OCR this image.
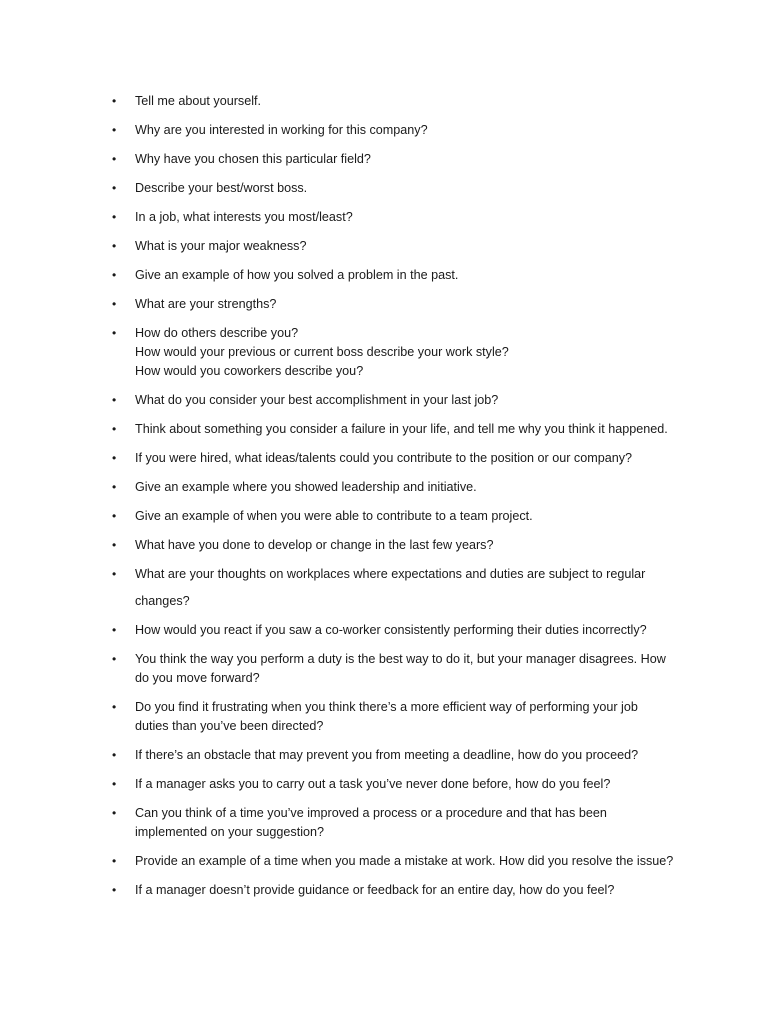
•	Tell me about yourself.
•	Why are you interested in working for this company?
•	Why have you chosen this particular field?
•	Describe your best/worst boss.
•	In a job, what interests you most/least?
•	What is your major weakness?
•	Give an example of how you solved a problem in the past.
•	What are your strengths?
•	How do others describe you?
How would your previous or current boss describe your work style?
How would you coworkers describe you?
•	What do you consider your best accomplishment in your last job?
•	Think about something you consider a failure in your life, and tell me why you think it happened.
•	If you were hired, what ideas/talents could you contribute to the position or our company?
•	Give an example where you showed leadership and initiative.
•	Give an example of when you were able to contribute to a team project.
•	What have you done to develop or change in the last few years?
•	What are your thoughts on workplaces where expectations and duties are subject to regular
changes?
•	How would you react if you saw a co-worker consistently performing their duties incorrectly?
•	You think the way you perform a duty is the best way to do it, but your manager disagrees. How
do you move forward?
•	Do you find it frustrating when you think there’s a more efficient way of performing your job
duties than you’ve been directed?
•	If there’s an obstacle that may prevent you from meeting a deadline, how do you proceed?
•	If a manager asks you to carry out a task you’ve never done before, how do you feel?
•	Can you think of a time you’ve improved a process or a procedure and that has been
implemented on your suggestion?
•	Provide an example of a time when you made a mistake at work. How did you resolve the issue?
•	If a manager doesn’t provide guidance or feedback for an entire day, how do you feel?
